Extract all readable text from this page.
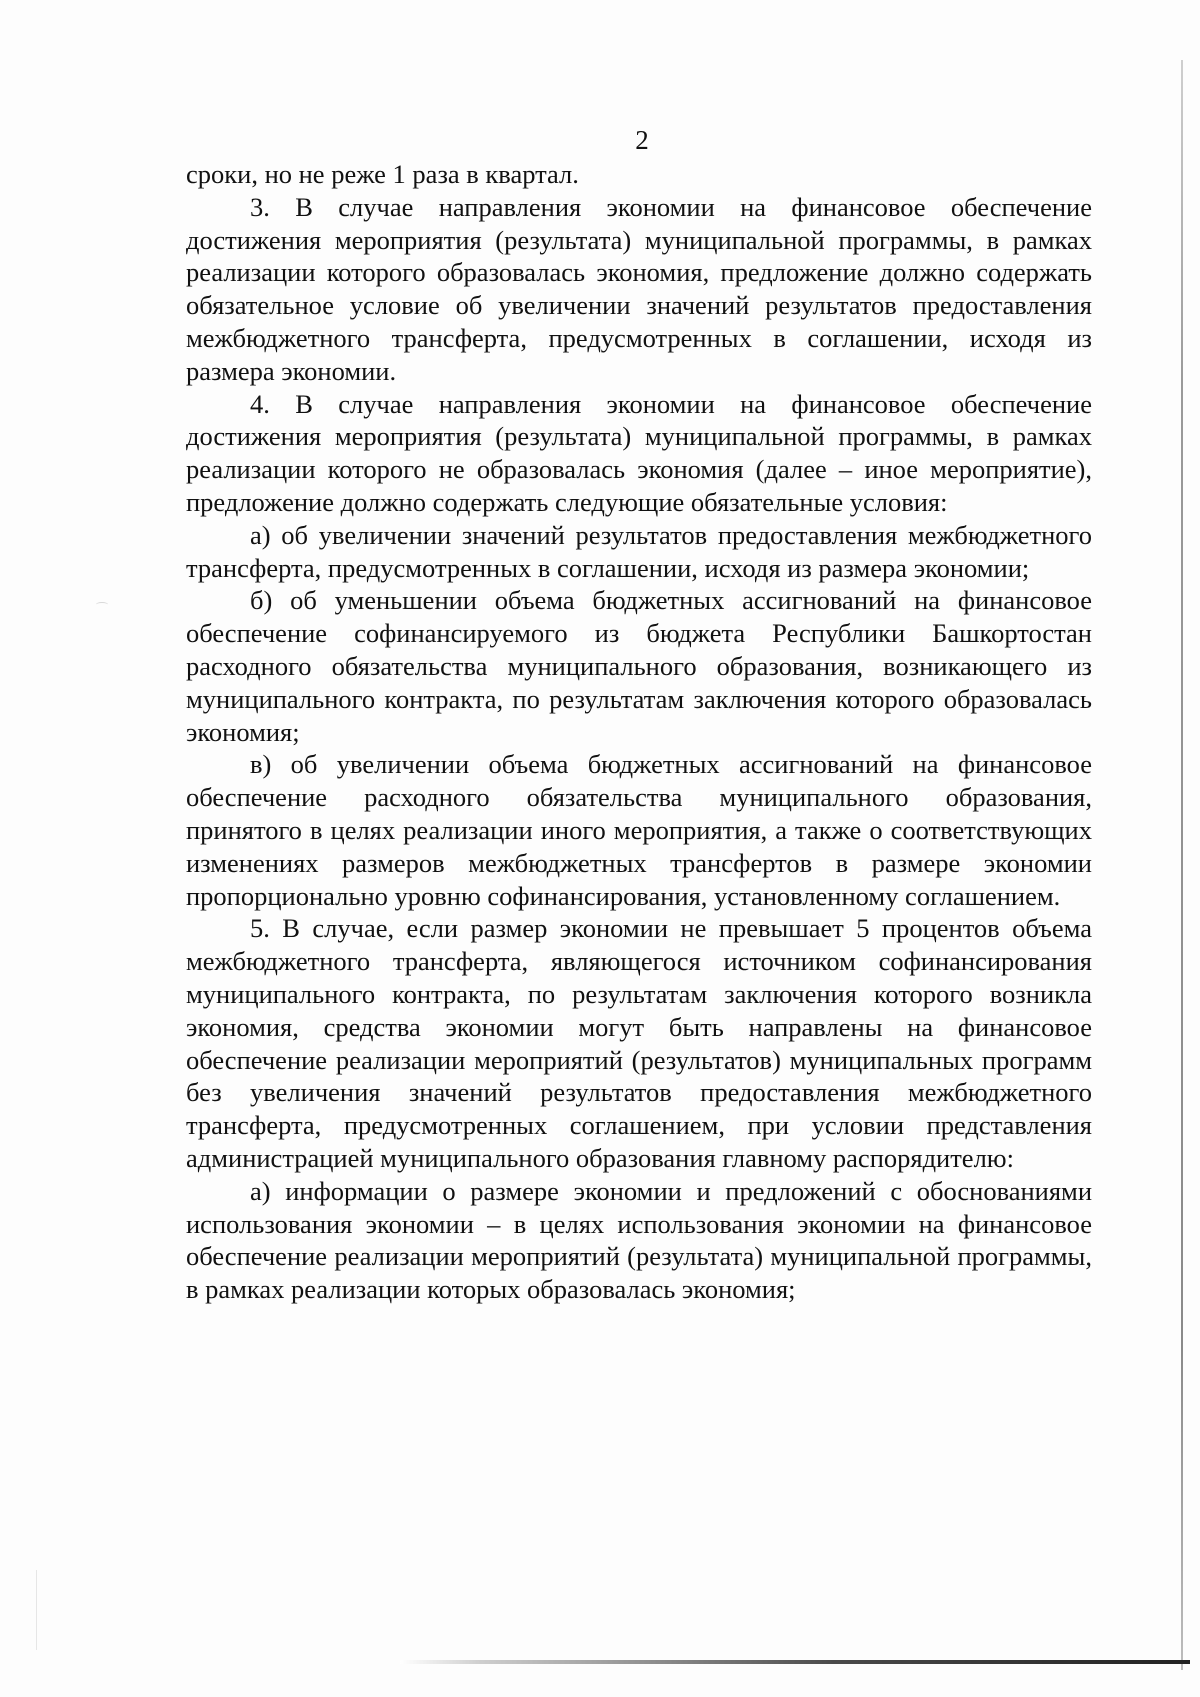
2

сроки, но не реже 1 раза в квартал.

3. В случае направления экономии на финансовое обеспечение достижения мероприятия (результата) муниципальной программы, в рамках реализации которого образовалась экономия, предложение должно содержать обязательное условие об увеличении значений результатов предоставления межбюджетного трансферта, предусмотренных в соглашении, исходя из размера экономии.

4. В случае направления экономии на финансовое обеспечение достижения мероприятия (результата) муниципальной программы, в рамках реализации которого не образовалась экономия (далее – иное мероприятие), предложение должно содержать следующие обязательные условия:

а) об увеличении значений результатов предоставления межбюджетного трансферта, предусмотренных в соглашении, исходя из размера экономии;

б) об уменьшении объема бюджетных ассигнований на финансовое обеспечение софинансируемого из бюджета Республики Башкортостан расходного обязательства муниципального образования, возникающего из муниципального контракта, по результатам заключения которого образовалась экономия;

в) об увеличении объема бюджетных ассигнований на финансовое обеспечение расходного обязательства муниципального образования, принятого в целях реализации иного мероприятия, а также о соответствующих изменениях размеров межбюджетных трансфертов в размере экономии пропорционально уровню софинансирования, установленному соглашением.

5. В случае, если размер экономии не превышает 5 процентов объема межбюджетного трансферта, являющегося источником софинансирования муниципального контракта, по результатам заключения которого возникла экономия, средства экономии могут быть направлены на финансовое обеспечение реализации мероприятий (результатов) муниципальных программ без увеличения значений результатов предоставления межбюджетного трансферта, предусмотренных соглашением, при условии представления администрацией муниципального образования главному распорядителю:

а) информации о размере экономии и предложений с обоснованиями использования экономии – в целях использования экономии на финансовое обеспечение реализации мероприятий (результата) муниципальной программы, в рамках реализации которых образовалась экономия;
